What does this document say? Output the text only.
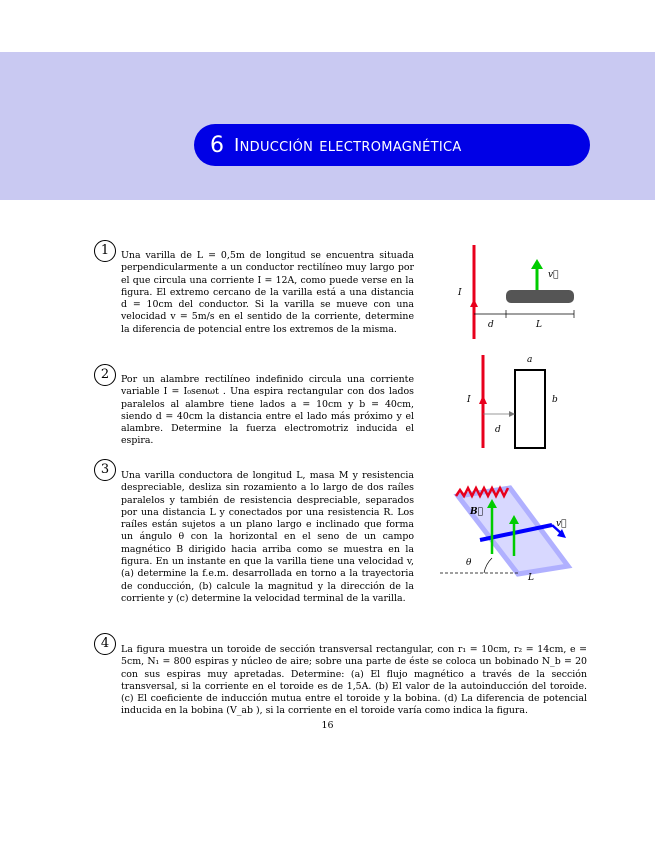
6 Inducción electromagnética
1	Una varilla de L = 0,5m de longitud se encuentra situada perpendicularmente a un conductor rectilíneo muy largo por el que circula una corriente I = 12A, como puede verse en la figura. El extremo cercano de la varilla está a una distancia d = 10cm del conductor. Si la varilla se mueve con una velocidad v = 5m/s en el sentido de la corriente, determine la diferencia de potencial entre los extremos de la misma.
I
v⃗
d	L
2	Por un alambre rectilíneo indefinido circula una corriente variable I = I₀senωt . Una espira rectangular con dos lados paralelos al alambre tiene lados a = 10cm y b = 40cm, siendo d = 40cm la distancia entre el lado más próximo y el alambre. Determine la fuerza electromotriz inducida el espira.
I
a
b
d
3	Una varilla conductora de longitud L, masa M y resistencia despreciable, desliza sin rozamiento a lo largo de dos raíles paralelos y también de resistencia despreciable, separados por una distancia L y conectados por una resistencia R. Los raíles están sujetos a un plano largo e inclinado que forma un ángulo θ con la horizontal en el seno de un campo magnético B dirigido hacia arriba como se muestra en la figura. En un instante en que la varilla tiene una velocidad v, (a) determine la f.e.m. desarrollada en torno a la trayectoria de conducción, (b) calcule la magnitud y la dirección de la corriente y (c) determine la velocidad terminal de la varilla.
B⃗
v⃗
θ
L
4	La figura muestra un toroide de sección transversal rectangular, con r₁ = 10cm, r₂ = 14cm, e = 5cm, N₁ = 800 espiras y núcleo de aire; sobre una parte de éste se coloca un bobinado N_b = 20 con sus espiras muy apretadas. Determine: (a) El flujo magnético a través de la sección transversal, si la corriente en el toroide es de 1,5A. (b) El valor de la autoinducción del toroide. (c) El coeficiente de inducción mutua entre el toroide y la bobina. (d) La diferencia de potencial inducida en la bobina (V_ab ), si la corriente en el toroide varía como indica la figura.
16
